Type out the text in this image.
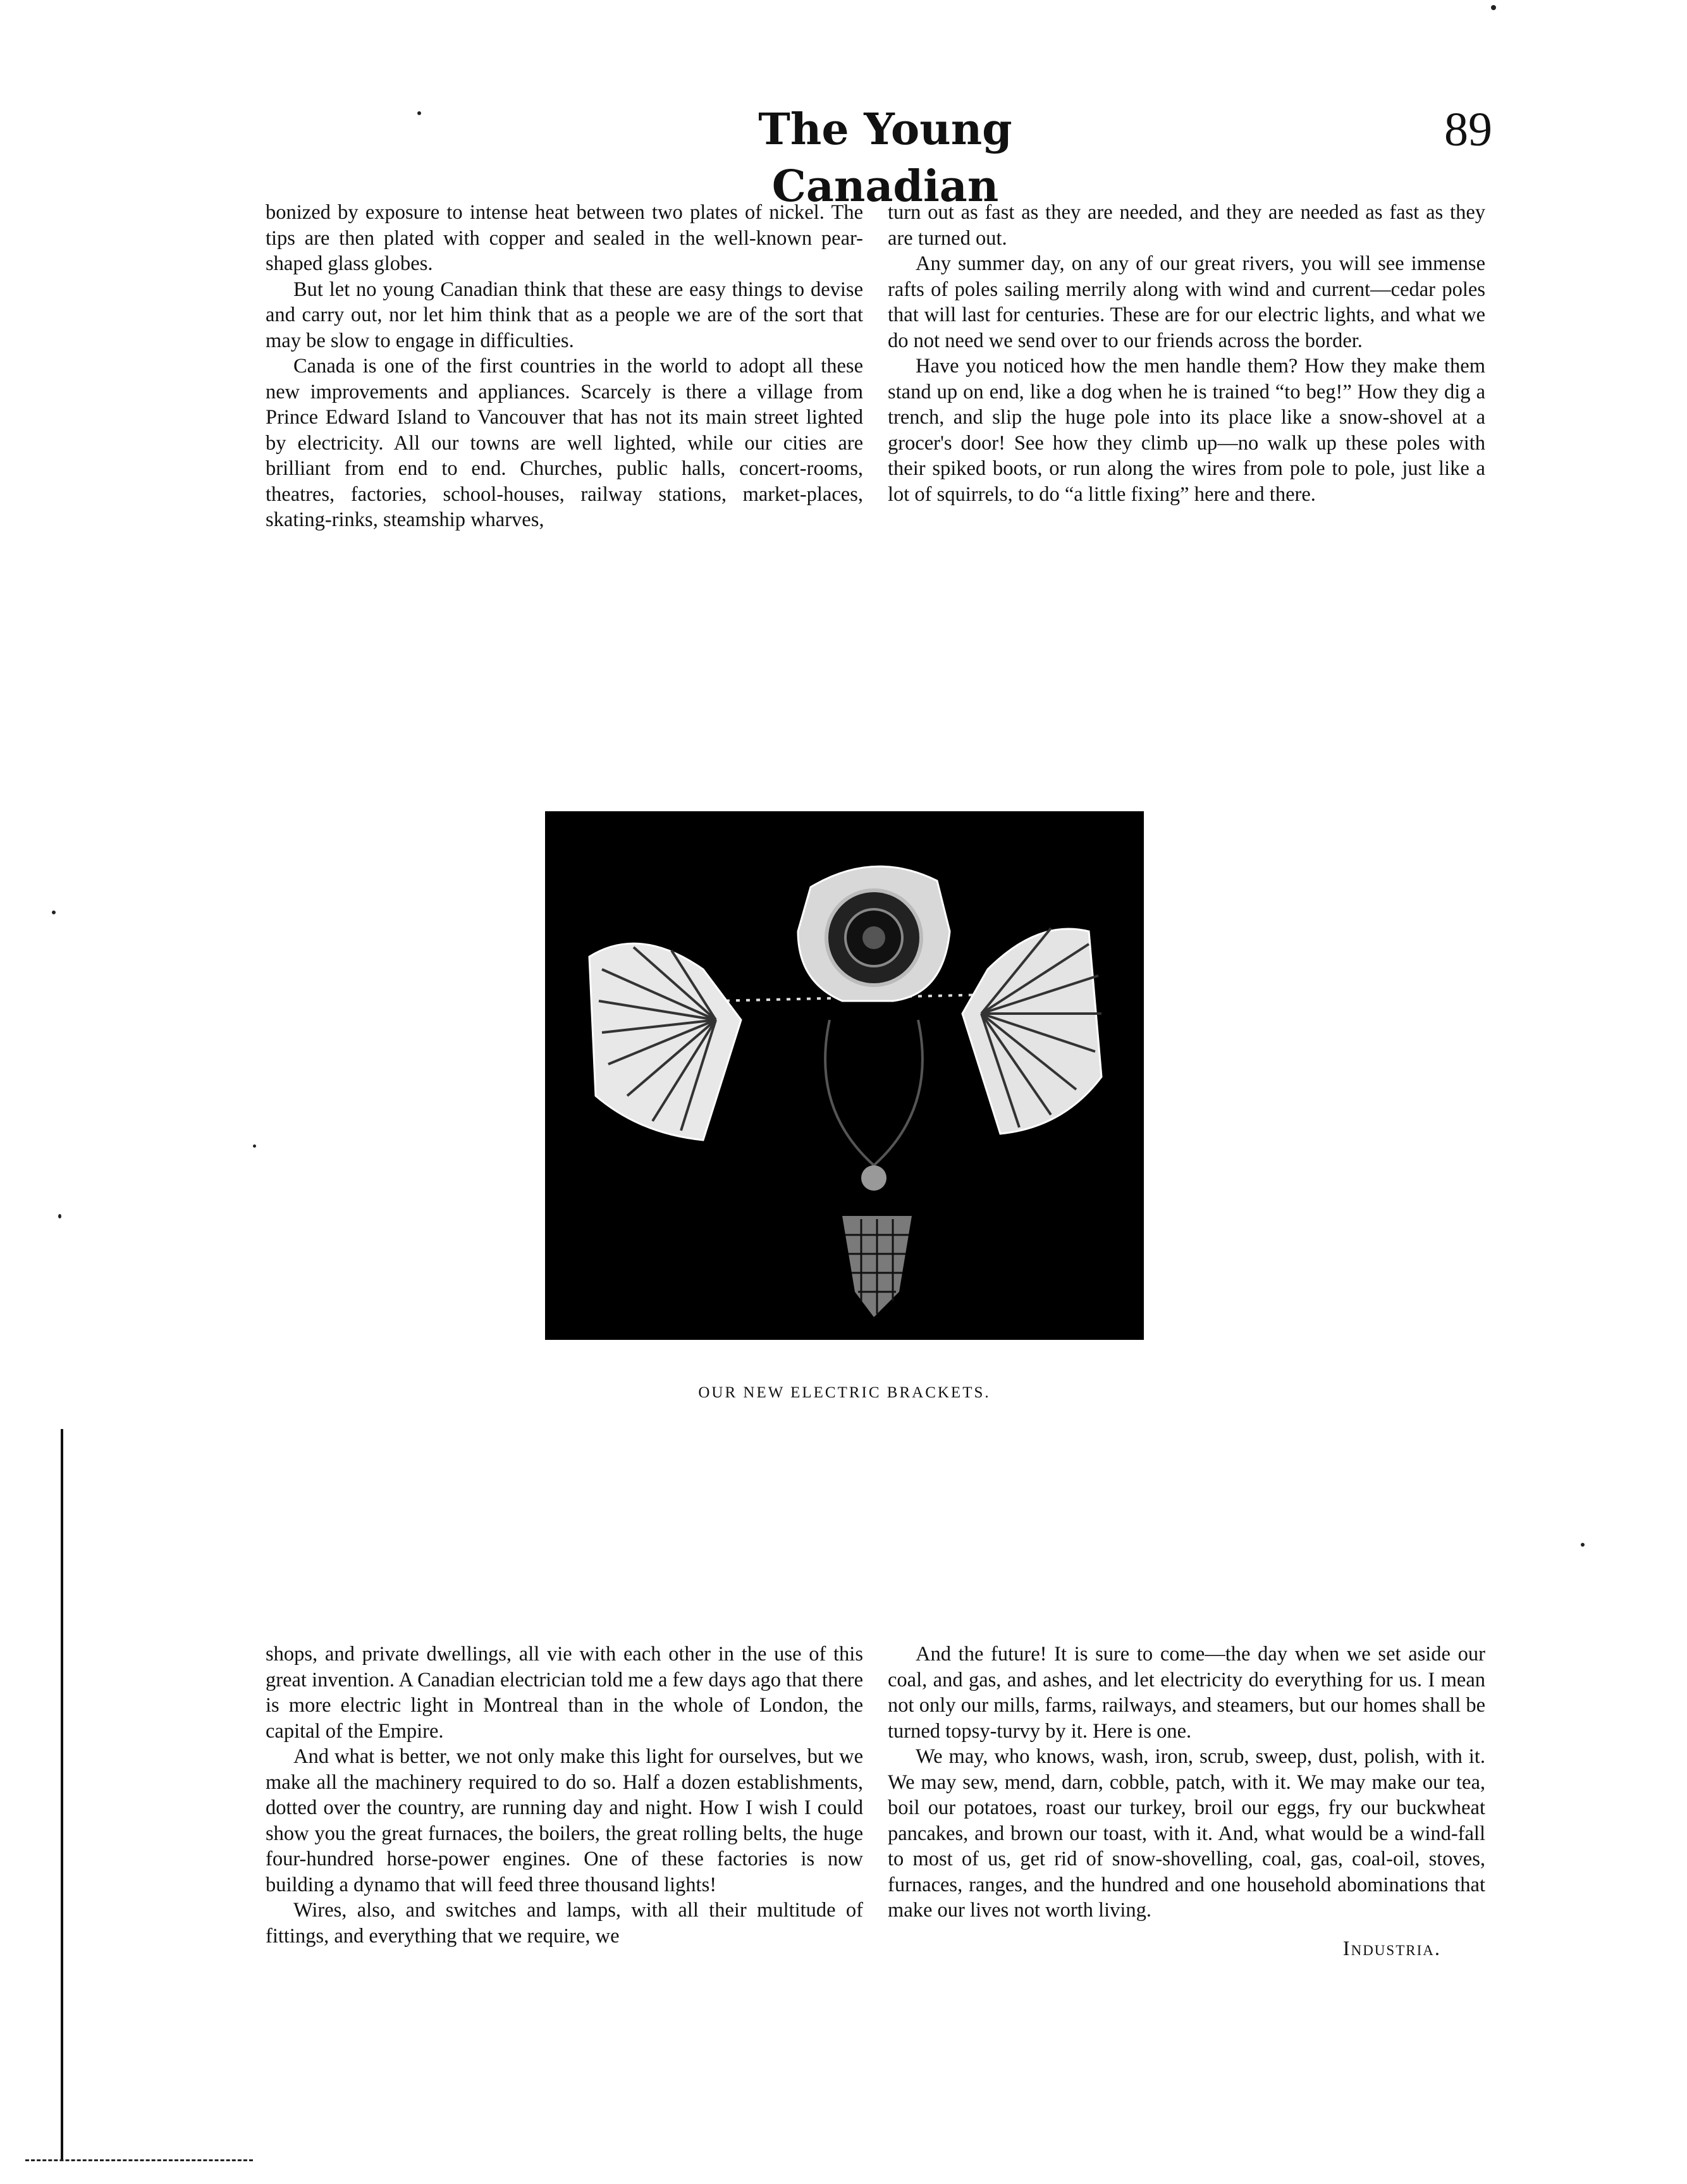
The Young Canadian
89

bonized by exposure to intense heat between two plates of nickel. The tips are then plated with copper and sealed in the well-known pear-shaped glass globes.

But let no young Canadian think that these are easy things to devise and carry out, nor let him think that as a people we are of the sort that may be slow to engage in difficulties.

Canada is one of the first countries in the world to adopt all these new improvements and appliances. Scarcely is there a village from Prince Edward Island to Vancouver that has not its main street lighted by electricity. All our towns are well lighted, while our cities are brilliant from end to end. Churches, public halls, concert-rooms, theatres, factories, school-houses, railway stations, market-places, skating-rinks, steamship wharves,

turn out as fast as they are needed, and they are needed as fast as they are turned out.

Any summer day, on any of our great rivers, you will see immense rafts of poles sailing merrily along with wind and current—cedar poles that will last for centuries. These are for our electric lights, and what we do not need we send over to our friends across the border.

Have you noticed how the men handle them? How they make them stand up on end, like a dog when he is trained “to beg!” How they dig a trench, and slip the huge pole into its place like a snow-shovel at a grocer's door! See how they climb up—no walk up these poles with their spiked boots, or run along the wires from pole to pole, just like a lot of squirrels, to do “a little fixing” here and there.

OUR NEW ELECTRIC BRACKETS.

shops, and private dwellings, all vie with each other in the use of this great invention. A Canadian electrician told me a few days ago that there is more electric light in Montreal than in the whole of London, the capital of the Empire.

And what is better, we not only make this light for ourselves, but we make all the machinery required to do so. Half a dozen establishments, dotted over the country, are running day and night. How I wish I could show you the great furnaces, the boilers, the great rolling belts, the huge four-hundred horse-power engines. One of these factories is now building a dynamo that will feed three thousand lights!

Wires, also, and switches and lamps, with all their multitude of fittings, and everything that we require, we

And the future! It is sure to come—the day when we set aside our coal, and gas, and ashes, and let electricity do everything for us. I mean not only our mills, farms, railways, and steamers, but our homes shall be turned topsy-turvy by it. Here is one.

We may, who knows, wash, iron, scrub, sweep, dust, polish, with it. We may sew, mend, darn, cobble, patch, with it. We may make our tea, boil our potatoes, roast our turkey, broil our eggs, fry our buckwheat pancakes, and brown our toast, with it. And, what would be a wind-fall to most of us, get rid of snow-shovelling, coal, gas, coal-oil, stoves, furnaces, ranges, and the hundred and one household abominations that make our lives not worth living.

Industria.
